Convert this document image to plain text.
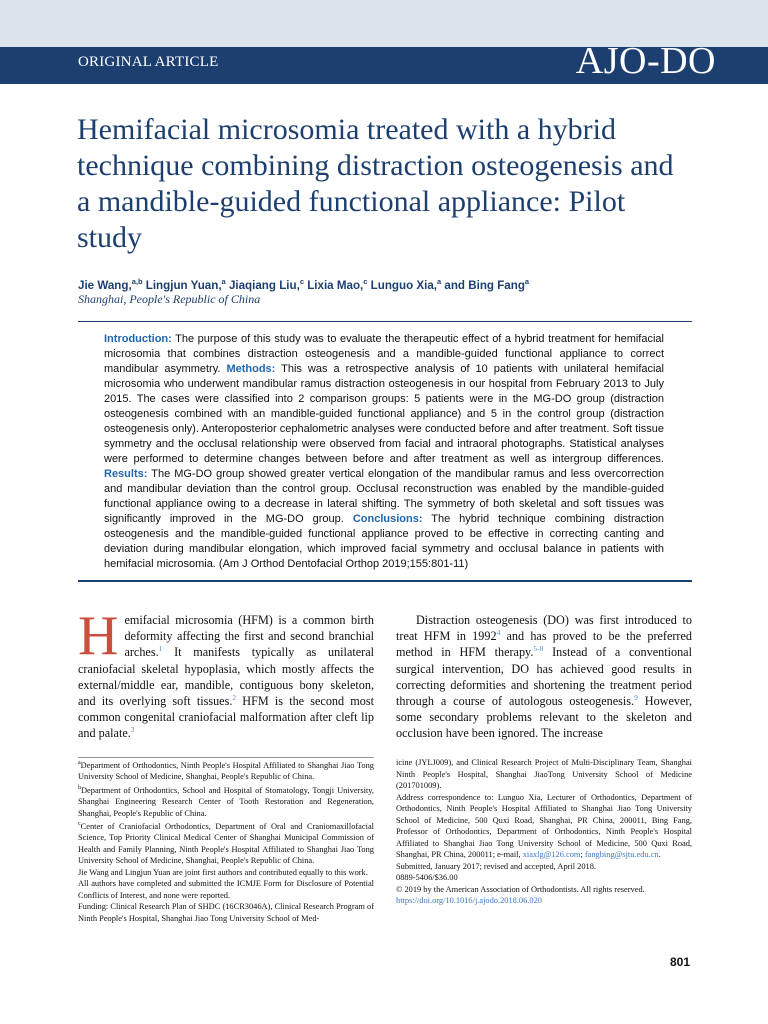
ORIGINAL ARTICLE	AJO-DO
Hemifacial microsomia treated with a hybrid technique combining distraction osteogenesis and a mandible-guided functional appliance: Pilot study
Jie Wang,$^{a,b}$ Lingjun Yuan,$^a$ Jiaqiang Liu,$^c$ Lixia Mao,$^c$ Lunguo Xia,$^a$ and Bing Fang$^a$
Shanghai, People's Republic of China

Introduction: The purpose of this study was to evaluate the therapeutic effect of a hybrid treatment for hemifacial microsomia that combines distraction osteogenesis and a mandible-guided functional appliance to correct mandibular asymmetry. Methods: This was a retrospective analysis of 10 patients with unilateral hemifacial microsomia who underwent mandibular ramus distraction osteogenesis in our hospital from February 2013 to July 2015. The cases were classified into 2 comparison groups: 5 patients were in the MG-DO group (distraction osteogenesis combined with an mandible-guided functional appliance) and 5 in the control group (distraction osteogenesis only). Anteroposterior cephalometric analyses were conducted before and after treatment. Soft tissue symmetry and the occlusal relationship were observed from facial and intraoral photographs. Statistical analyses were performed to determine changes between before and after treatment as well as intergroup differences. Results: The MG-DO group showed greater vertical elongation of the mandibular ramus and less overcorrection and mandibular deviation than the control group. Occlusal reconstruction was enabled by the mandible-guided functional appliance owing to a decrease in lateral shifting. The symmetry of both skeletal and soft tissues was significantly improved in the MG-DO group. Conclusions: The hybrid technique combining distraction osteogenesis and the mandible-guided functional appliance proved to be effective in correcting canting and deviation during mandibular elongation, which improved facial symmetry and occlusal balance in patients with hemifacial microsomia. (Am J Orthod Dentofacial Orthop 2019;155:801-11)

Hemifacial microsomia (HFM) is a common birth deformity affecting the first and second branchial arches.$^1$ It manifests typically as unilateral craniofacial skeletal hypoplasia, which mostly affects the external/middle ear, mandible, contiguous bony skeleton, and its overlying soft tissues.$^2$ HFM is the second most common congenital craniofacial malformation after cleft lip and palate.$^3$

Distraction osteogenesis (DO) was first introduced to treat HFM in 1992$^4$ and has proved to be the preferred method in HFM therapy.$^{5-8}$ Instead of a conventional surgical intervention, DO has achieved good results in correcting deformities and shortening the treatment period through a course of autologous osteogenesis.$^9$ However, some secondary problems relevant to the skeleton and occlusion have been ignored. The increase

$^a$Department of Orthodontics, Ninth People's Hospital Affiliated to Shanghai Jiao Tong University School of Medicine, Shanghai, People's Republic of China.

$^b$Department of Orthodontics, School and Hospital of Stomatology, Tongji University, Shanghai Engineering Research Center of Tooth Restoration and Regeneration, Shanghai, People's Republic of China.

$^c$Center of Craniofacial Orthodontics, Department of Oral and Craniomaxillofacial Science, Top Priority Clinical Medical Center of Shanghai Municipal Commission of Health and Family Planning, Ninth People's Hospital Affiliated to Shanghai Jiao Tong University School of Medicine, Shanghai, People's Republic of China.

Jie Wang and Lingjun Yuan are joint first authors and contributed equally to this work.

All authors have completed and submitted the ICMJE Form for Disclosure of Potential Conflicts of Interest, and none were reported.

Funding: Clinical Research Plan of SHDC (16CR3046A), Clinical Research Program of Ninth People's Hospital, Shanghai Jiao Tong University School of Med-

icine (JYLJ009), and Clinical Research Project of Multi-Disciplinary Team, Shanghai Ninth People's Hospital, Shanghai JiaoTong University School of Medicine (201701009).

Address correspondence to: Lunguo Xia, Lecturer of Orthodontics, Department of Orthodontics, Ninth People's Hospital Affiliated to Shanghai Jiao Tong University School of Medicine, 500 Quxi Road, Shanghai, PR China, 200011, Bing Fang, Professor of Orthodontics, Department of Orthodontics, Ninth People's Hospital Affiliated to Shanghai Jiao Tong University School of Medicine, 500 Quxi Road, Shanghai, PR China, 200011; e-mail, xiaxlg@126.com; fangbing@sjtu.edu.cn.

Submitted, January 2017; revised and accepted, April 2018.

0889-5406/$36.00

© 2019 by the American Association of Orthodontists. All rights reserved.

https://doi.org/10.1016/j.ajodo.2018.06.020

801
